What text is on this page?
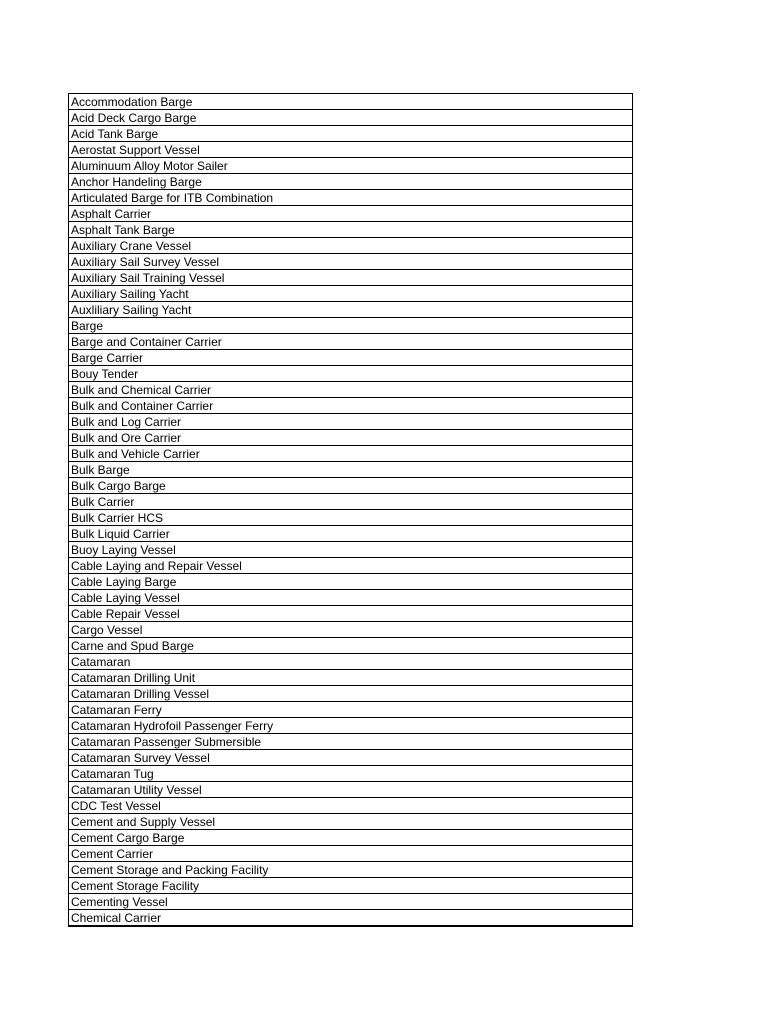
Accommodation Barge
Acid Deck Cargo Barge
Acid Tank Barge
Aerostat Support Vessel
Aluminuum Alloy Motor Sailer
Anchor Handeling Barge
Articulated Barge for ITB Combination
Asphalt Carrier
Asphalt Tank Barge
Auxiliary Crane Vessel
Auxiliary Sail Survey Vessel
Auxiliary Sail Training Vessel
Auxiliary Sailing Yacht
Auxliliary Sailing Yacht
Barge
Barge and Container Carrier
Barge Carrier
Bouy Tender
Bulk and Chemical Carrier
Bulk and Container Carrier
Bulk and Log Carrier
Bulk and Ore Carrier
Bulk and Vehicle Carrier
Bulk Barge
Bulk Cargo Barge
Bulk Carrier
Bulk Carrier HCS
Bulk Liquid Carrier
Buoy Laying Vessel
Cable Laying and Repair Vessel
Cable Laying Barge
Cable Laying Vessel
Cable Repair Vessel
Cargo Vessel
Carne and Spud Barge
Catamaran
Catamaran Drilling Unit
Catamaran Drilling Vessel
Catamaran Ferry
Catamaran Hydrofoil Passenger Ferry
Catamaran Passenger Submersible
Catamaran Survey Vessel
Catamaran Tug
Catamaran Utility Vessel
CDC Test Vessel
Cement and Supply Vessel
Cement Cargo Barge
Cement Carrier
Cement Storage and Packing Facility
Cement Storage Facility
Cementing Vessel
Chemical Carrier
